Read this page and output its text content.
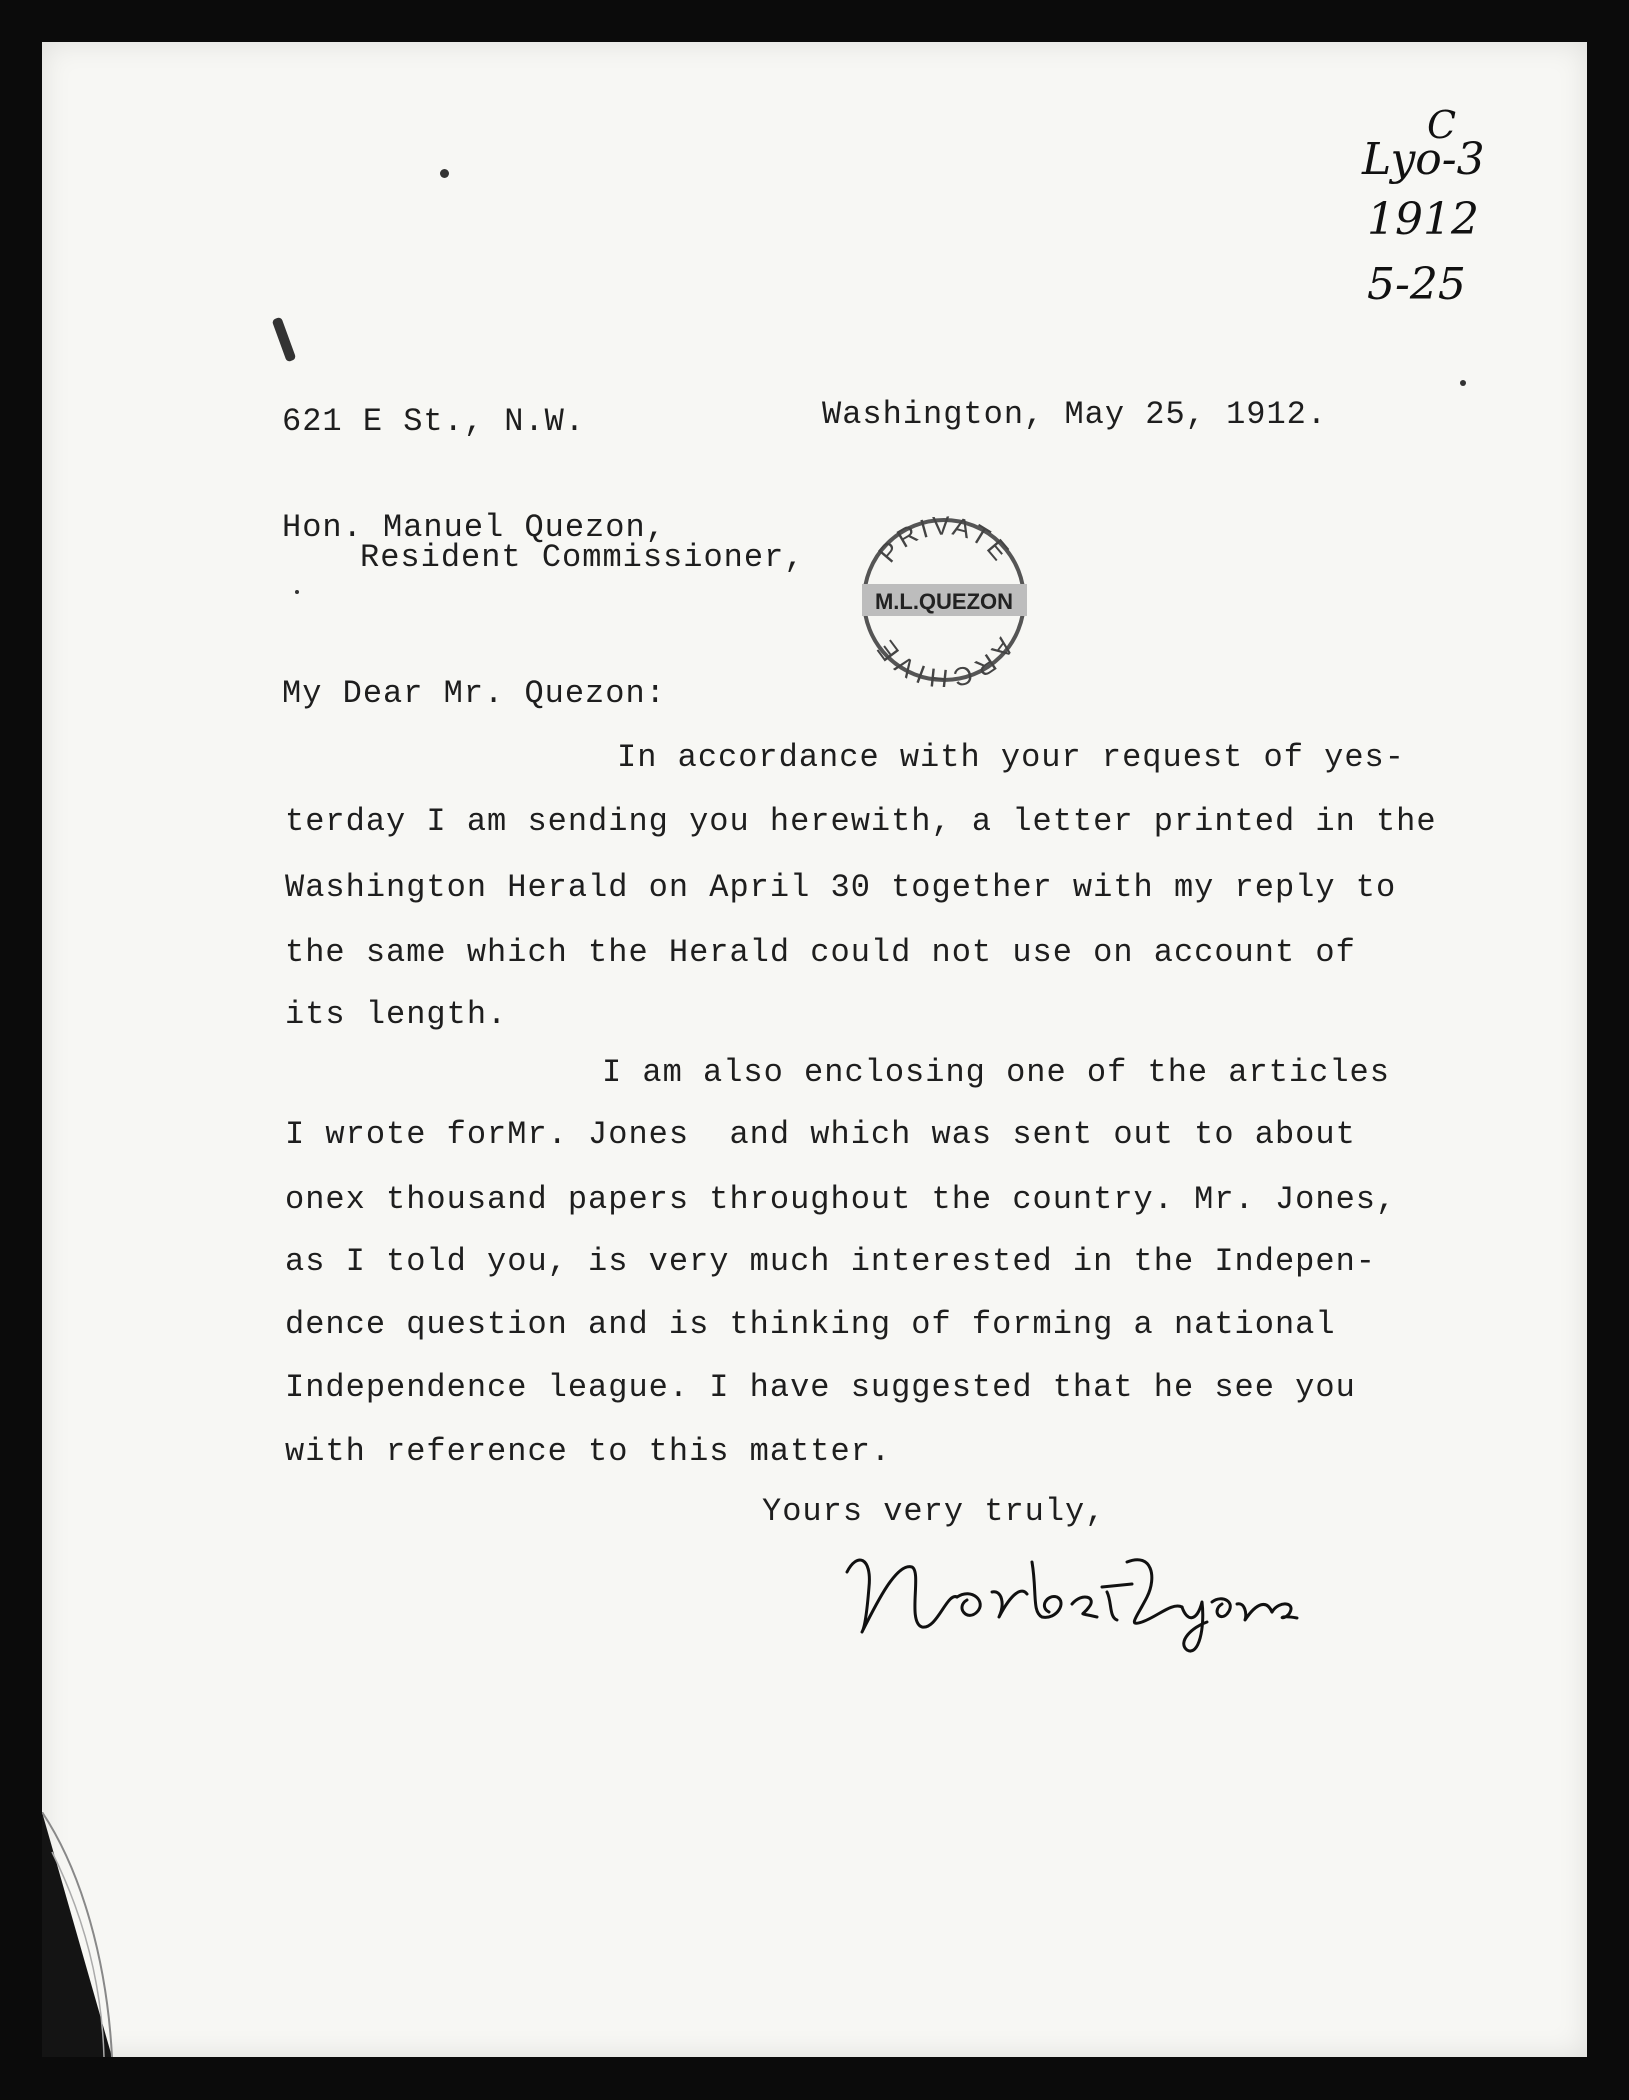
C
Lyo-3
1912
5-25
621 E St., N.W.	Washington, May 25, 1912.
Hon. Manuel Quezon,
Resident Commissioner,	PRIVATE
M.L.QUEZON
ARCHIVE
My Dear Mr. Quezon:
In accordance with your request of yes-
terday I am sending you herewith, a letter printed in the
Washington Herald on April 30 together with my reply to
the same which the Herald could not use on account of
its length.
I am also enclosing one of the articles
I wrote forMr. Jones  and which was sent out to about
onex thousand papers throughout the country. Mr. Jones,
as I told you, is very much interested in the Indepen-
dence question and is thinking of forming a national
Independence league. I have suggested that he see you
with reference to this matter.
Yours very truly,
